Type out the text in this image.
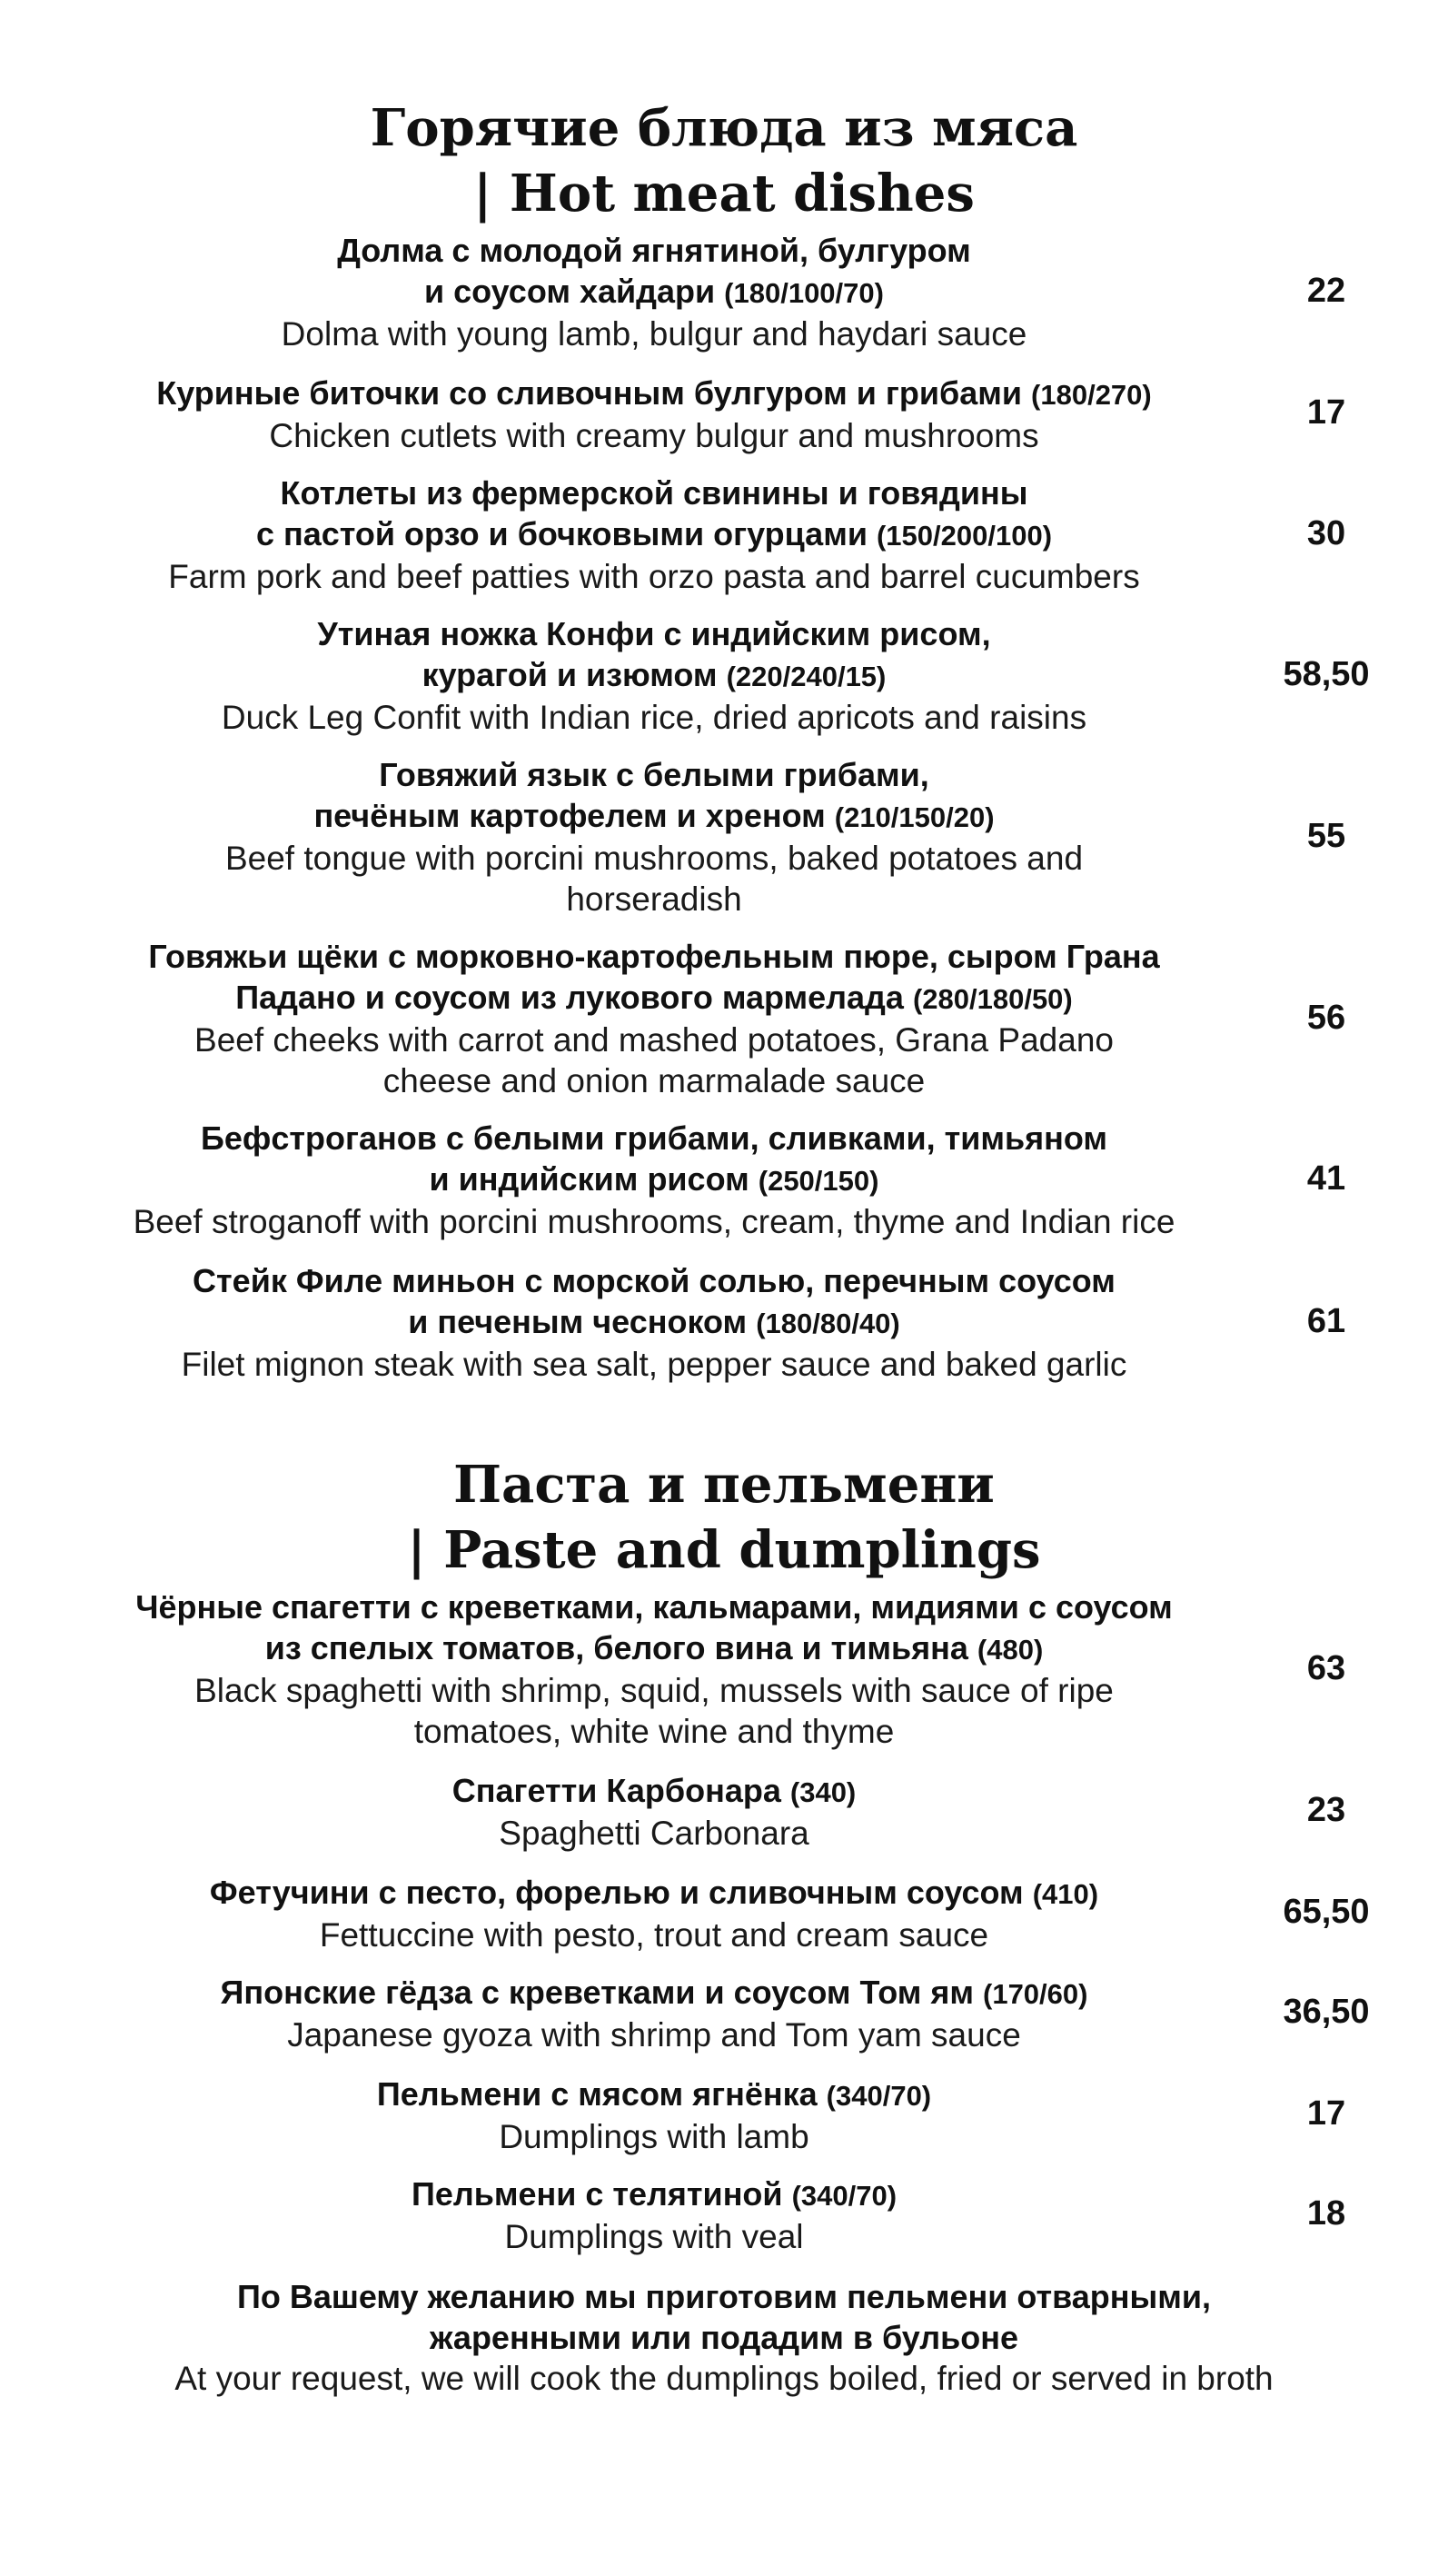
Горячие блюда из мяса
| Hot meat dishes
Долма с молодой ягнятиной, булгуром
и соусом хайдари (180/100/70)
Dolma with young lamb, bulgur and haydari sauce
22
Куриные биточки со сливочным булгуром и грибами (180/270)
Chicken cutlets with creamy bulgur and mushrooms
17
Котлеты из фермерской свинины и говядины
с пастой орзо и бочковыми огурцами (150/200/100)
Farm pork and beef patties with orzo pasta and barrel cucumbers
30
Утиная ножка Конфи с индийским рисом,
курагой и изюмом (220/240/15)
Duck Leg Confit with Indian rice, dried apricots and raisins
58,50
Говяжий язык с белыми грибами,
печёным картофелем и хреном (210/150/20)
Beef tongue with porcini mushrooms, baked potatoes and
horseradish
55
Говяжьи щёки с морковно-картофельным пюре, сыром Грана
Падано и соусом из лукового мармелада (280/180/50)
Beef cheeks with carrot and mashed potatoes, Grana Padano
cheese and onion marmalade sauce
56
Бефстроганов с белыми грибами, сливками, тимьяном
и индийским рисом (250/150)
Beef stroganoff with porcini mushrooms, cream, thyme and Indian rice
41
Стейк Филе миньон с морской солью, перечным соусом
и печеным чесноком (180/80/40)
Filet mignon steak with sea salt, pepper sauce and baked garlic
61
Паста и пельмени
| Paste and dumplings
Чёрные спагетти с креветками, кальмарами, мидиями с соусом
из спелых томатов, белого вина и тимьяна (480)
Black spaghetti with shrimp, squid, mussels with sauce of ripe
tomatoes, white wine and thyme
63
Спагетти Карбонара (340)
Spaghetti Carbonara
23
Фетучини с песто, форелью и сливочным соусом (410)
Fettuccine with pesto, trout and cream sauce
65,50
Японские гёдза с креветками и соусом Том ям (170/60)
Japanese gyoza with shrimp and Tom yam sauce
36,50
Пельмени с мясом ягнёнка (340/70)
Dumplings with lamb
17
Пельмени с телятиной (340/70)
Dumplings with veal
18
По Вашему желанию мы приготовим пельмени отварными,
жаренными или подадим в бульоне
At your request, we will cook the dumplings boiled, fried or served in broth
